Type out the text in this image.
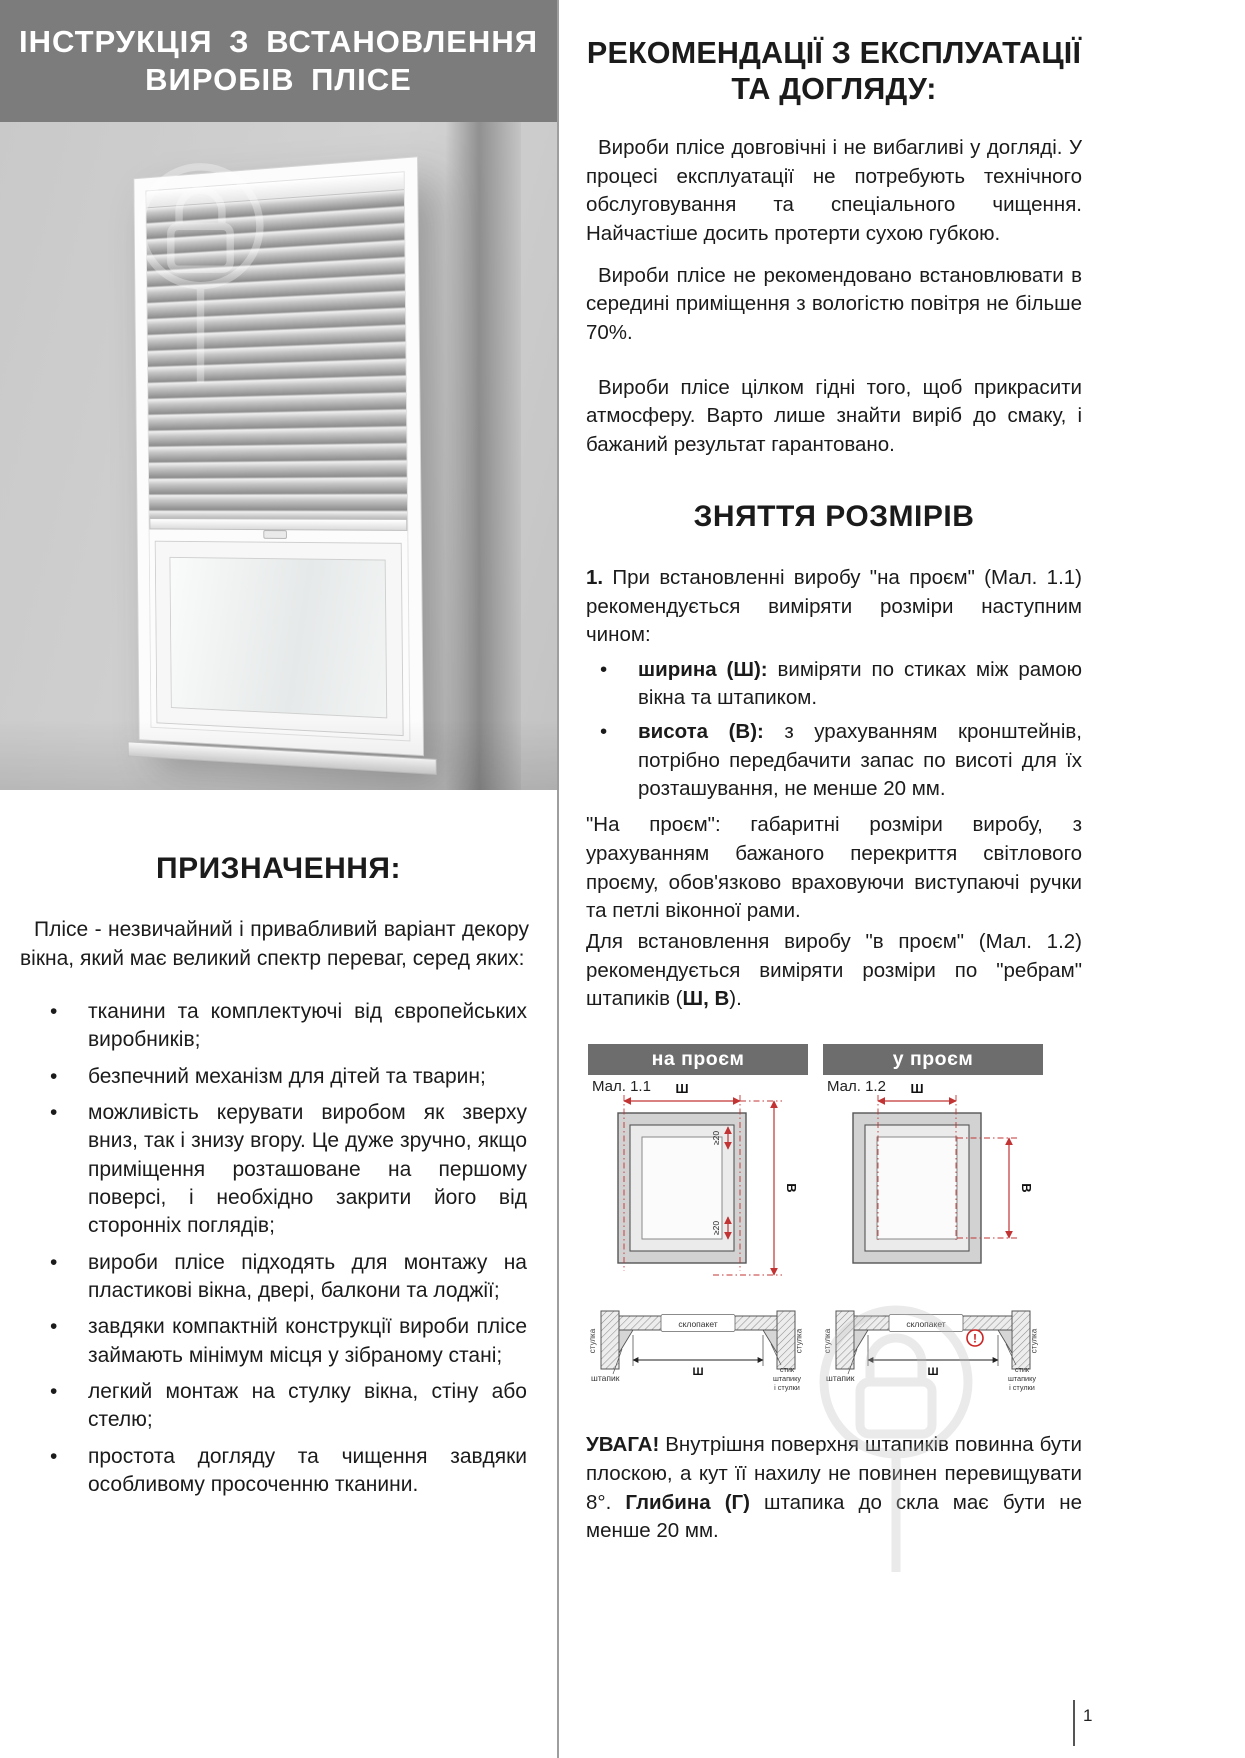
ІНСТРУКЦІЯ З ВСТАНОВЛЕННЯ
ВИРОБІВ ПЛІСЕ
ПРИЗНАЧЕННЯ:

Плісе - незвичайний і привабливий варіант декору вікна, який має великий спектр переваг, серед яких:

• тканини та комплектуючі від європейських виробників;
• безпечний механізм для дітей та тварин;
• можливість керувати виробом як зверху вниз, так і знизу вгору. Це дуже зручно, якщо приміщення розташоване на першому поверсі, і необхідно закрити його від сторонніх поглядів;
• вироби плісе підходять для монтажу на пластикові вікна, двері, балкони та лоджії;
• завдяки компактній конструкції вироби плісе займають мінімум місця у зібраному стані;
• легкий монтаж на стулку вікна, стіну або стелю;
• простота догляду та чищення завдяки особливому просоченню тканини.
РЕКОМЕНДАЦІЇ З ЕКСПЛУАТАЦІЇ
ТА ДОГЛЯДУ:

Вироби плісе довговічні і не вибагливі у догляді. У процесі експлуатації не потребують технічного обслуговування та спеціального чищення. Найчастіше досить протерти сухою губкою.

Вироби плісе не рекомендовано встановлювати в середині приміщення з вологістю повітря не більше 70%.

Вироби плісе цілком гідні того, щоб прикрасити атмосферу. Варто лише знайти виріб до смаку, і бажаний результат гарантовано.

ЗНЯТТЯ РОЗМІРІВ

1. При встановленні виробу "на проєм" (Мал. 1.1) рекомендується виміряти розміри наступним чином:

• ширина (Ш): виміряти по стиках між рамою вікна та штапиком.
• висота (В): з урахуванням кронштейнів, потрібно передбачити запас по висоті для їх розташування, не менше 20 мм.

"На проєм": габаритні розміри виробу, з урахуванням бажаного перекриття світлового проєму, обов'язково враховуючи виступаючі ручки та петлі віконної рами.

Для встановлення виробу "в проєм" (Мал. 1.2) рекомендується виміряти розміри по "ребрам" штапиків (Ш, В).

на проєм
Мал. 1.1 Ш
В
≥20
≥20
стулка	стулка
склопакет
Ш
штапик
стик
штапику
і стулки
у проєм
Мал. 1.2 Ш
В
стулка	стулка
склопакет
!
Ш
штапик
стик
штапику
і стулки

УВАГА! Внутрішня поверхня штапиків повинна бути плоскою, а кут її нахилу не повинен перевищувати 8°. Глибина (Г) штапика до скла має бути не менше 20 мм.

1
